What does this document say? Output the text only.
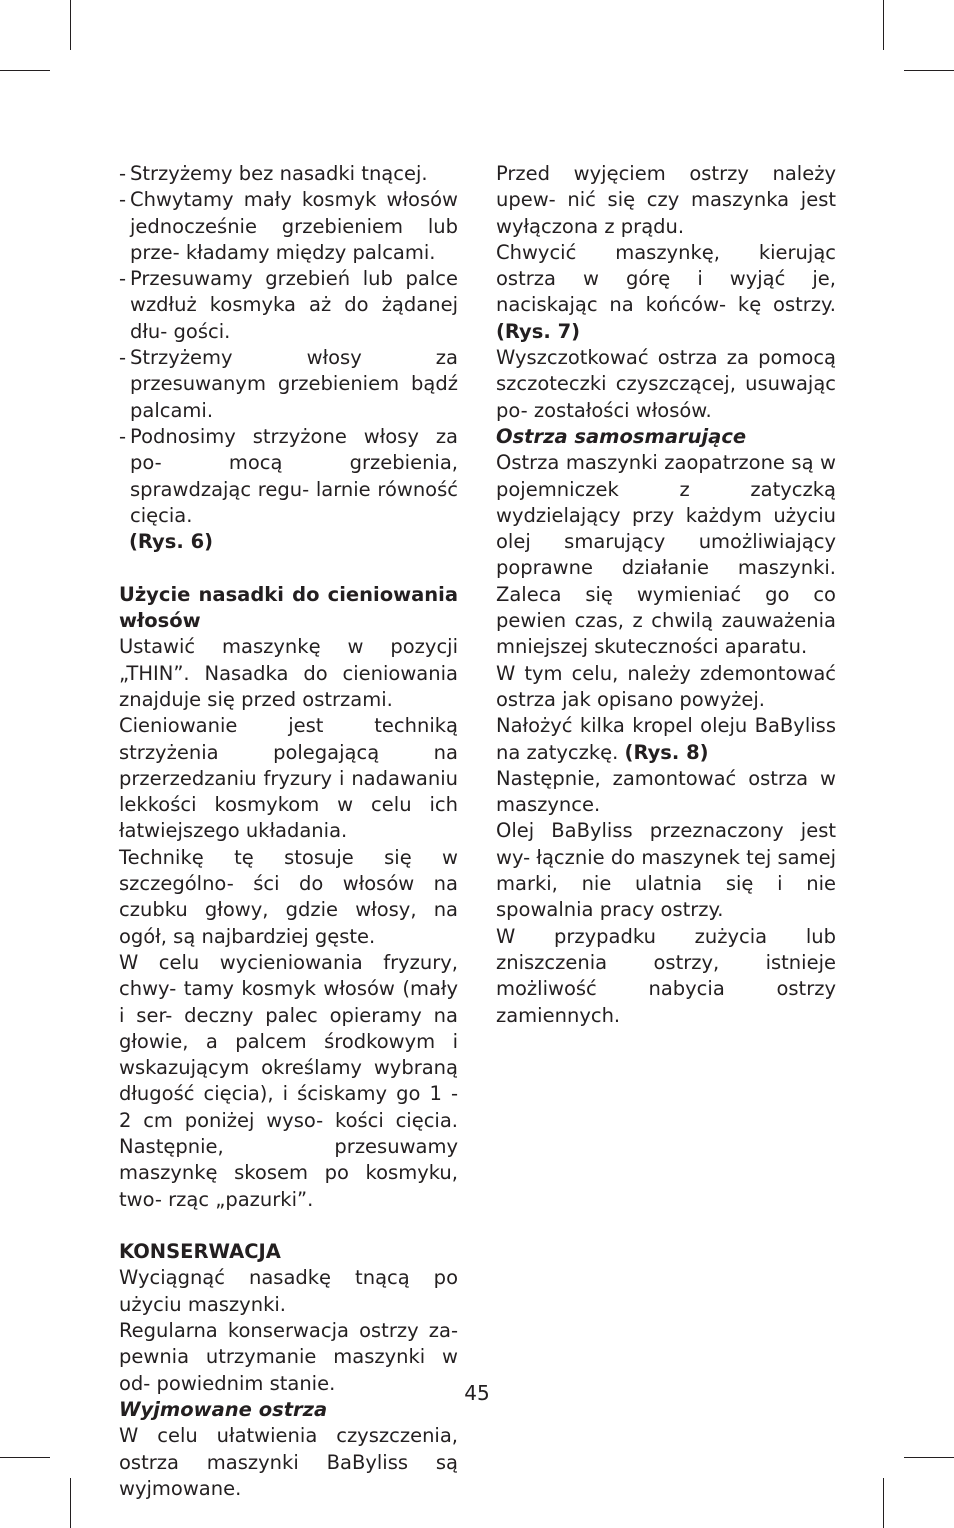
- Strzyżemy bez nasadki tnącej.
- Chwytamy mały kosmyk włosów jednocześnie grzebieniem lub prze- kładamy między palcami.
- Przesuwamy grzebień lub palce wzdłuż kosmyka aż do żądanej dłu- gości.
- Strzyżemy włosy za przesuwanym grzebieniem bądź palcami.
- Podnosimy strzyżone włosy za po- mocą grzebienia, sprawdzając regu- larnie równość cięcia.

(Rys. 6)

Użycie nasadki do cieniowania włosów

Ustawić maszynkę w pozycji „THIN”. Nasadka do cieniowania znajduje się przed ostrzami.

Cieniowanie jest techniką strzyżenia polegającą na przerzedzaniu fryzury i nadawaniu lekkości kosmykom w celu ich łatwiejszego układania.

Technikę tę stosuje się w szczególno- ści do włosów na czubku głowy, gdzie włosy, na ogół, są najbardziej gęste.

W celu wycieniowania fryzury, chwy- tamy kosmyk włosów (mały i ser- deczny palec opieramy na głowie, a palcem środkowym i wskazującym określamy wybraną długość cięcia), i ściskamy go 1 - 2 cm poniżej wyso- kości cięcia. Następnie, przesuwamy maszynkę skosem po kosmyku, two- rząc „pazurki”.

KONSERWACJA

Wyciągnąć nasadkę tnącą po użyciu maszynki.

Regularna konserwacja ostrzy za- pewnia utrzymanie maszynki w od- powiednim stanie.

Wyjmowane ostrza

W celu ułatwienia czyszczenia, ostrza maszynki BaByliss są wyjmowane.

Przed wyjęciem ostrzy należy upew- nić się czy maszynka jest wyłączona z prądu.

Chwycić maszynkę, kierując ostrza w górę i wyjąć je, naciskając na końców- kę ostrzy. (Rys. 7)

Wyszczotkować ostrza za pomocą szczoteczki czyszczącej, usuwając po- zostałości włosów.

Ostrza samosmarujące

Ostrza maszynki zaopatrzone są w pojemniczek z zatyczką wydzielający przy każdym użyciu olej smarujący umożliwiający poprawne działanie maszynki. Zaleca się wymieniać go co pewien czas, z chwilą zauważenia mniejszej skuteczności aparatu.

W tym celu, należy zdemontować ostrza jak opisano powyżej.

Nałożyć kilka kropel oleju BaByliss na zatyczkę. (Rys. 8)

Następnie, zamontować ostrza w maszynce.

Olej BaByliss przeznaczony jest wy- łącznie do maszynek tej samej marki, nie ulatnia się i nie spowalnia pracy ostrzy.

W przypadku zużycia lub zniszczenia ostrzy, istnieje możliwość nabycia ostrzy zamiennych.

45
